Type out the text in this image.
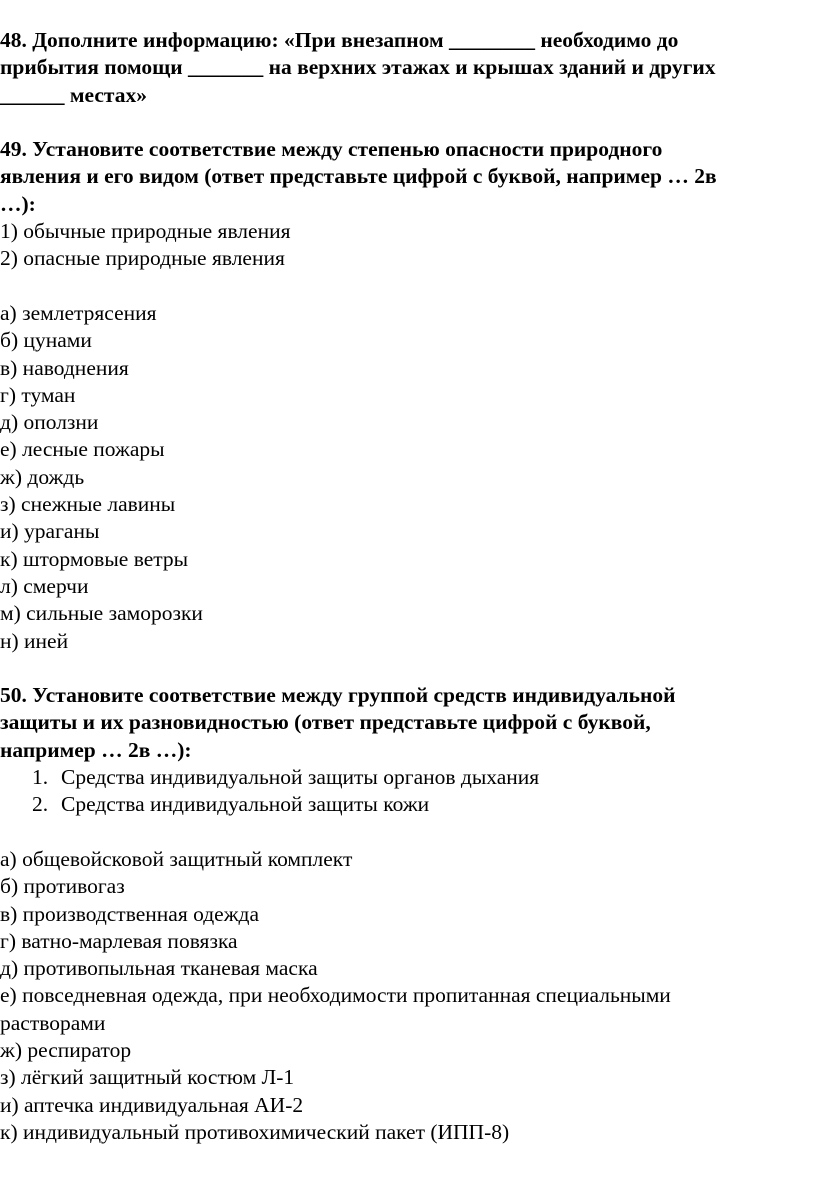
48. Дополните информацию: «При внезапном ________ необходимо до

прибытия помощи _______ на верхних этажах и крышах зданий и других

______ местах»

49. Установите соответствие между степенью опасности природного

явления и его видом (ответ представьте цифрой с буквой, например … 2в

…):

1) обычные природные явления

2) опасные природные явления

а) землетрясения

б) цунами

в) наводнения

г) туман

д) оползни

е) лесные пожары

ж) дождь

з) снежные лавины

и) ураганы

к) штормовые ветры

л) смерчи

м) сильные заморозки

н) иней

50. Установите соответствие между группой средств индивидуальной

защиты и их разновидностью (ответ представьте цифрой с буквой,

например … 2в …):

1. Средства индивидуальной защиты органов дыхания
2. Средства индивидуальной защиты кожи

а) общевойсковой защитный комплект

б) противогаз

в) производственная одежда

г) ватно-марлевая повязка

д) противопыльная тканевая маска

е) повседневная одежда, при необходимости пропитанная специальными

растворами

ж) респиратор

з) лёгкий защитный костюм Л-1

и) аптечка индивидуальная АИ-2

к) индивидуальный противохимический пакет (ИПП-8)
